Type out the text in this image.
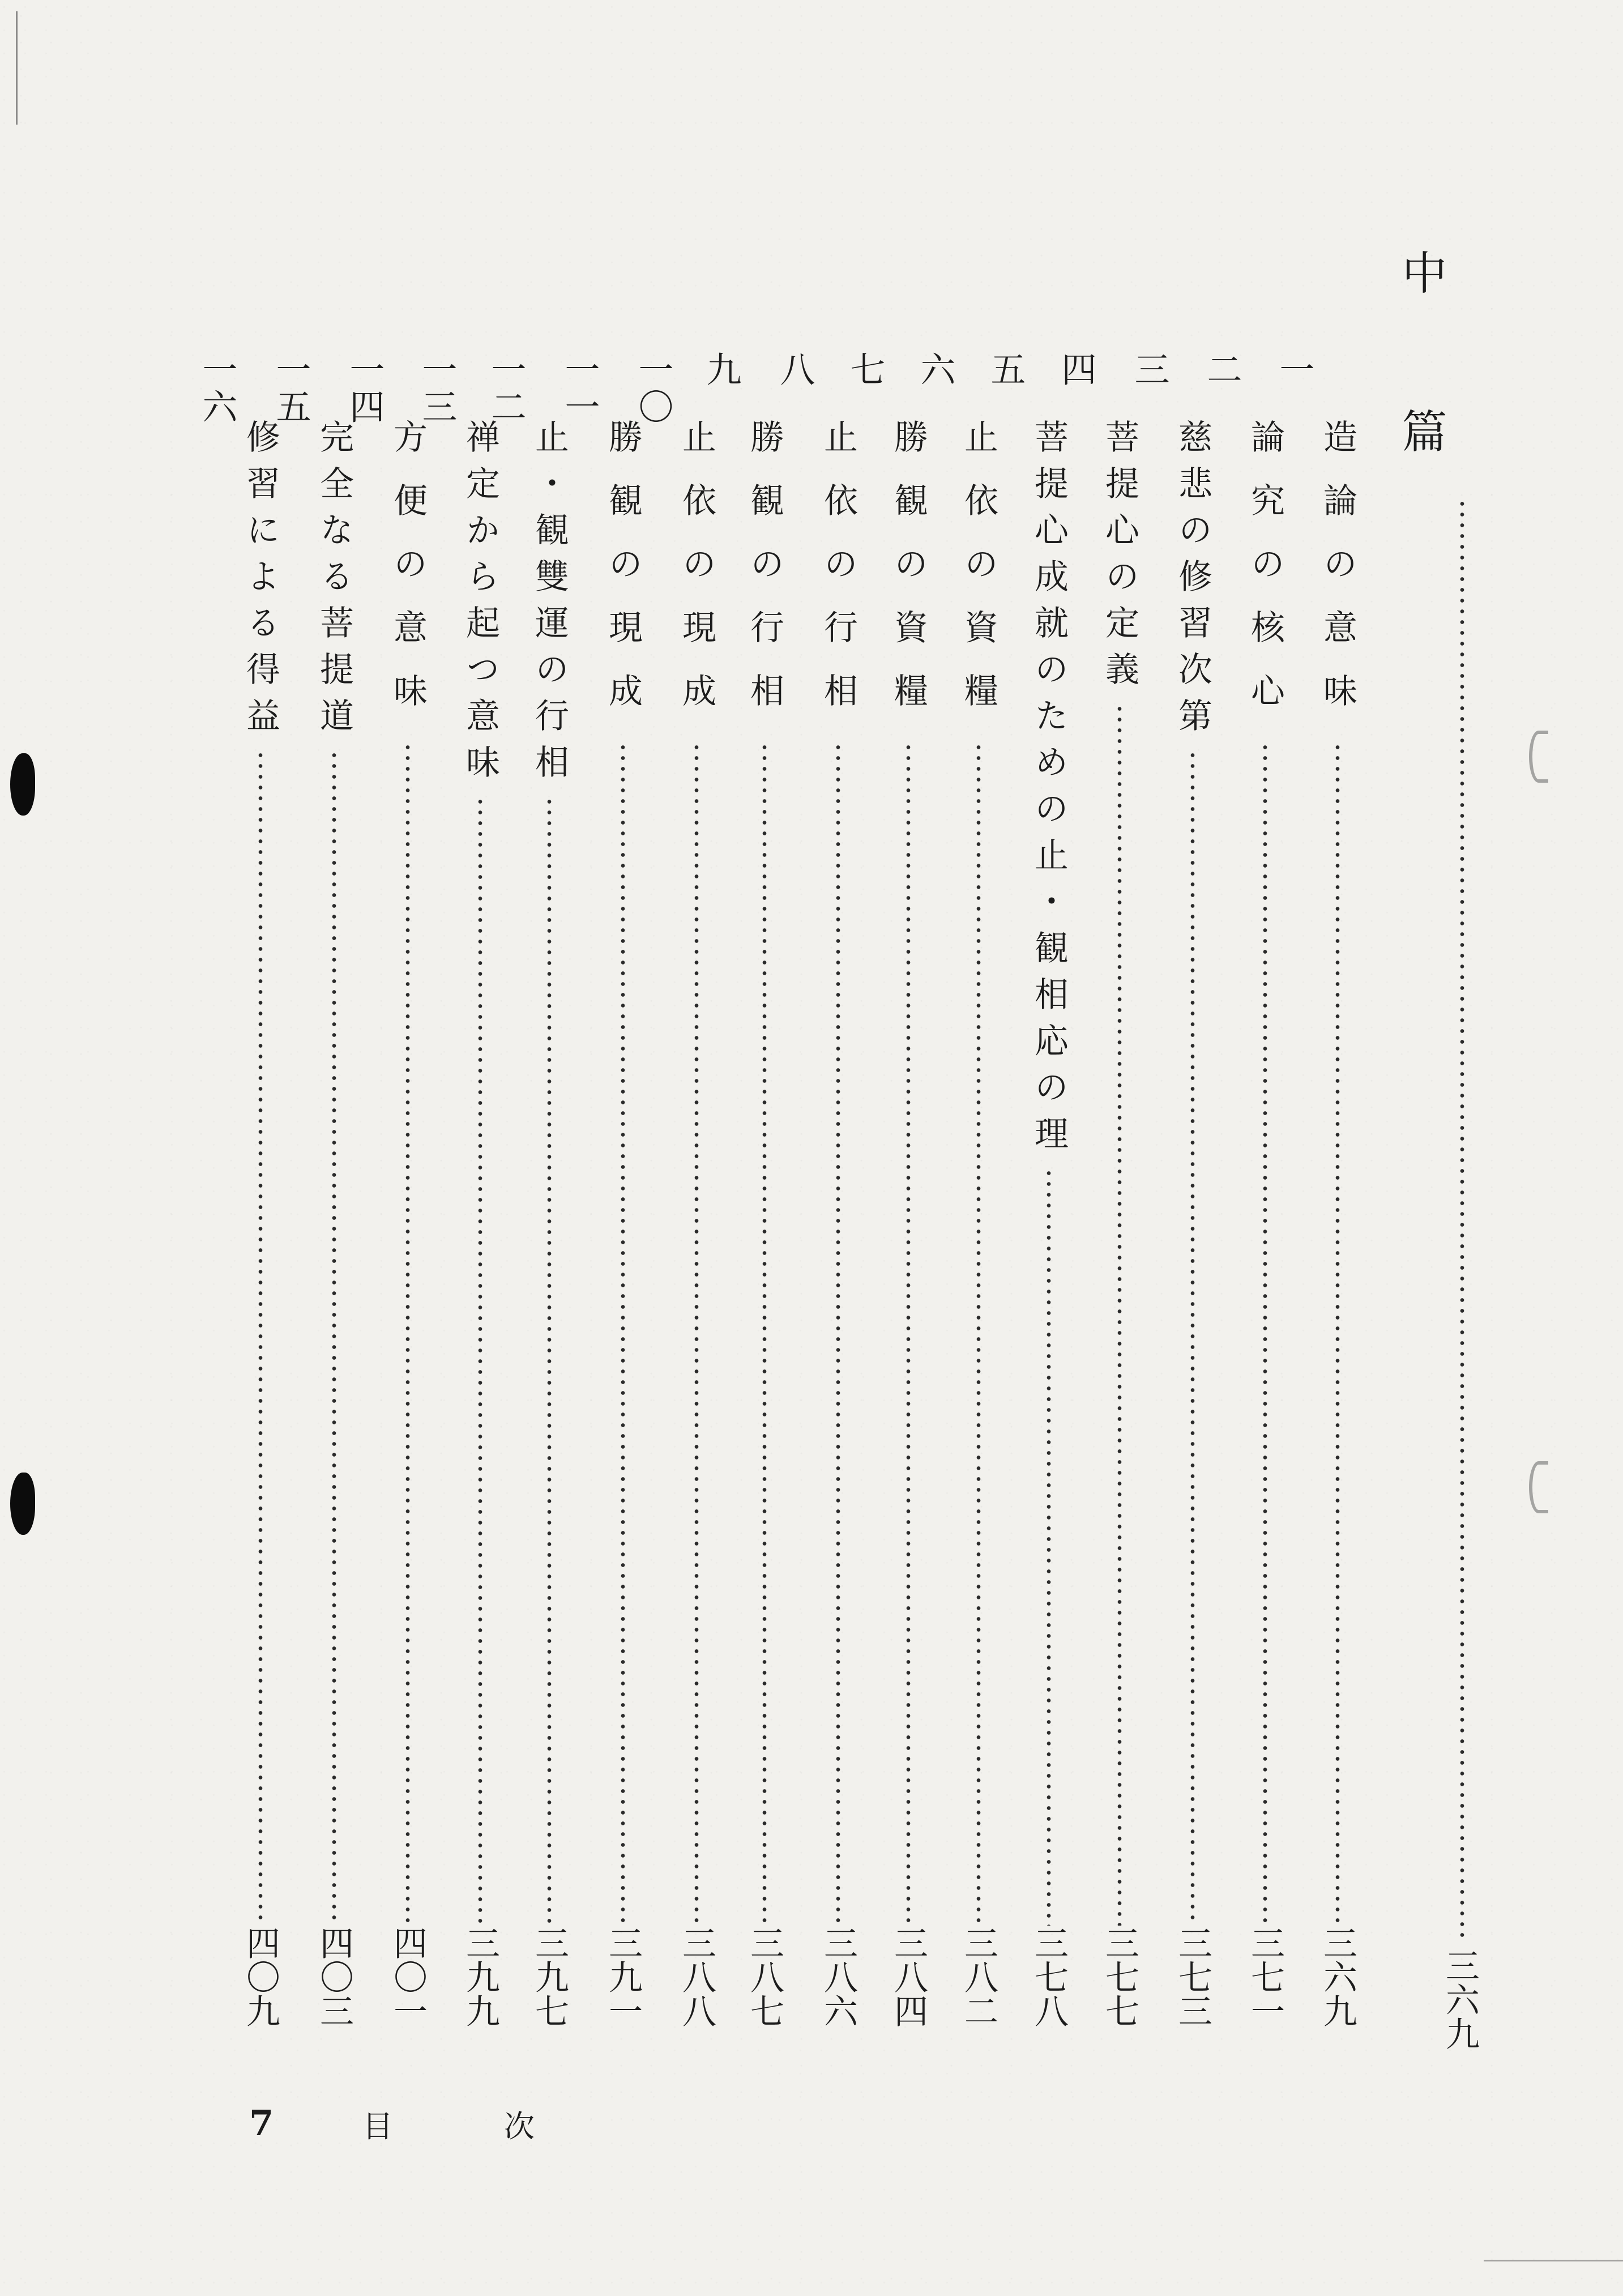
中篇
三六九
一
造論の意味
三六九
二
論究の核心
三七一
三
慈悲の修習次第
三七三
四
菩提心の定義
三七七
五
菩提心成就のための止・観相応の理
三七八
六
止依の資糧
三八二
七
勝観の資糧
三八四
八
止依の行相
三八六
九
勝観の行相
三八七
一〇
止依の現成
三八八
一一
勝観の現成
三九一
一二
止・観雙運の行相
三九七
一三
禅定から起つ意味
三九九
一四
方便の意味
四〇一
一五
完全なる菩提道
四〇三
一六
修習による得益
四〇九
7	目	次
